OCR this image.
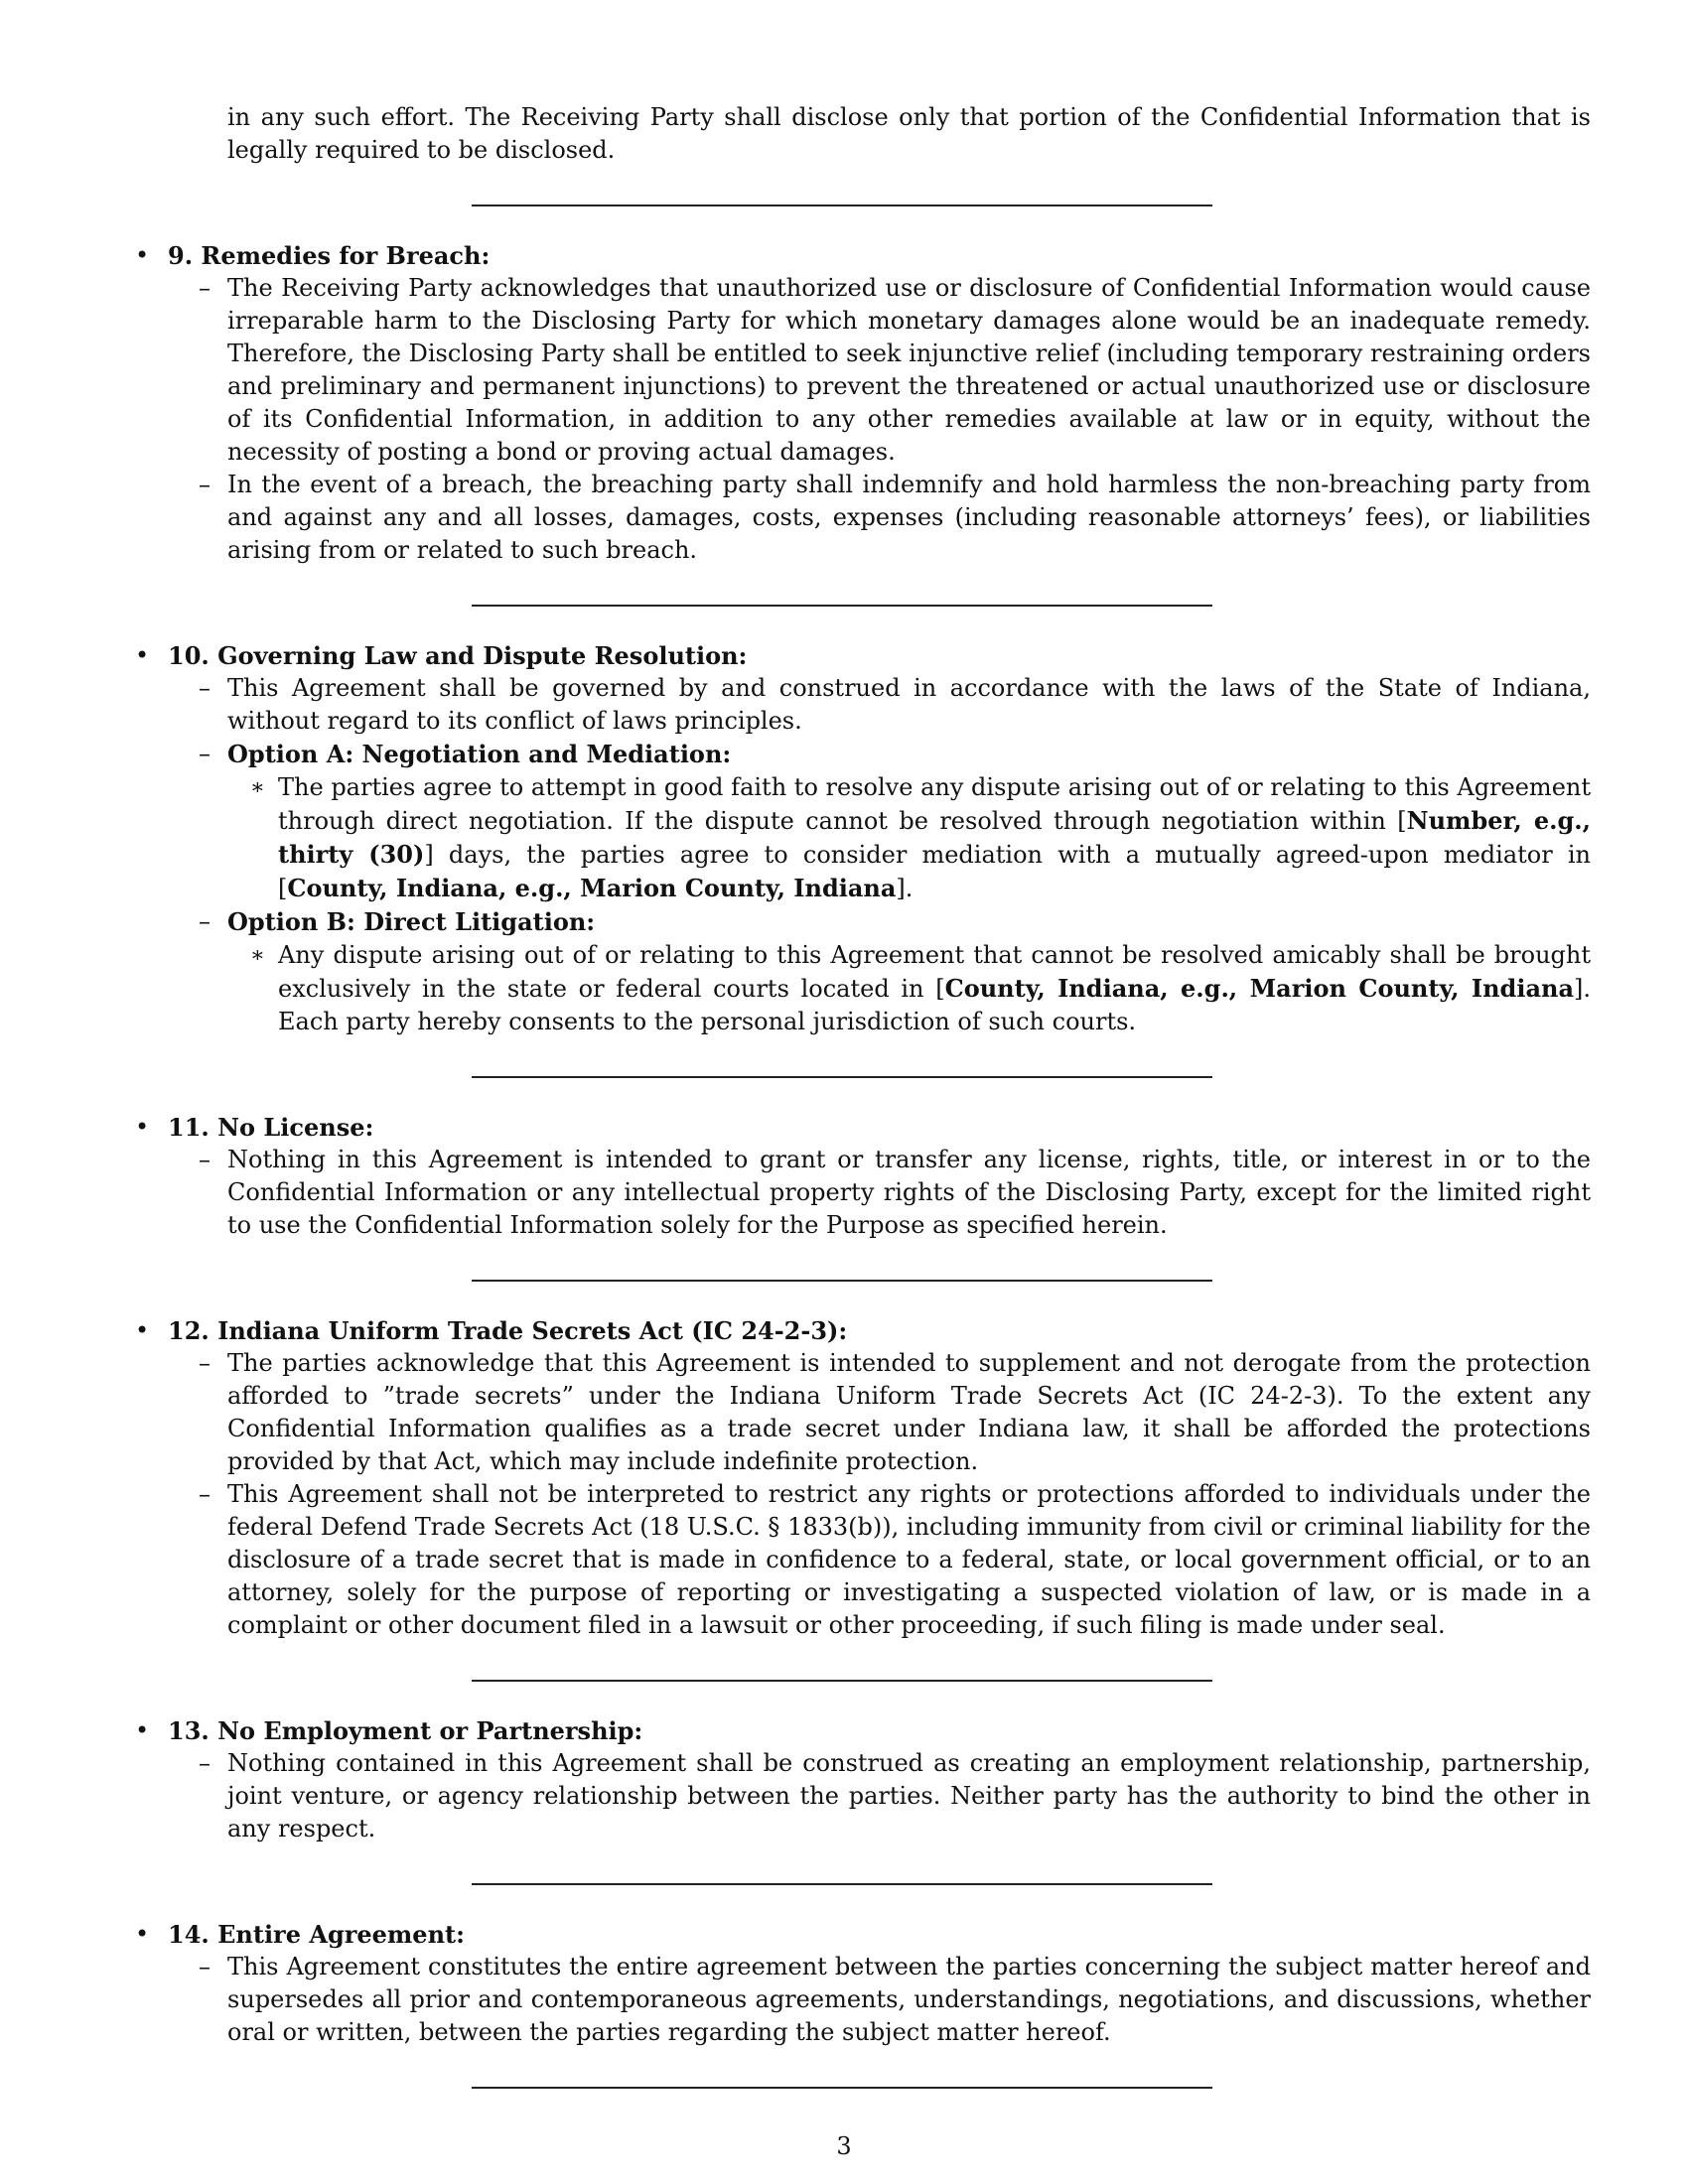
in any such effort. The Receiving Party shall disclose only that portion of the Confidential Information that is legally required to be disclosed.

• 9. Remedies for Breach:

– The Receiving Party acknowledges that unauthorized use or disclosure of Confidential Information would cause irreparable harm to the Disclosing Party for which monetary damages alone would be an inadequate remedy. Therefore, the Disclosing Party shall be entitled to seek injunctive relief (including temporary restraining orders and preliminary and permanent injunctions) to prevent the threatened or actual unauthorized use or disclosure of its Confidential Information, in addition to any other remedies available at law or in equity, without the necessity of posting a bond or proving actual damages.
– In the event of a breach, the breaching party shall indemnify and hold harmless the non-breaching party from and against any and all losses, damages, costs, expenses (including reasonable attorneys’ fees), or liabilities arising from or related to such breach.
• 10. Governing Law and Dispute Resolution:

– This Agreement shall be governed by and construed in accordance with the laws of the State of Indiana, without regard to its conflict of laws principles.
– Option A: Negotiation and Mediation:
∗ The parties agree to attempt in good faith to resolve any dispute arising out of or relating to this Agreement through direct negotiation. If the dispute cannot be resolved through negotiation within [Number, e.g., thirty (30)] days, the parties agree to consider mediation with a mutually agreed-upon mediator in [County, Indiana, e.g., Marion County, Indiana].
– Option B: Direct Litigation:
∗ Any dispute arising out of or relating to this Agreement that cannot be resolved amicably shall be brought exclusively in the state or federal courts located in [County, Indiana, e.g., Marion County, Indiana]. Each party hereby consents to the personal jurisdiction of such courts.
• 11. No License:

– Nothing in this Agreement is intended to grant or transfer any license, rights, title, or interest in or to the Confidential Information or any intellectual property rights of the Disclosing Party, except for the limited right to use the Confidential Information solely for the Purpose as specified herein.
• 12. Indiana Uniform Trade Secrets Act (IC 24-2-3):

– The parties acknowledge that this Agreement is intended to supplement and not derogate from the protection afforded to ”trade secrets” under the Indiana Uniform Trade Secrets Act (IC 24-2-3). To the extent any Confidential Information qualifies as a trade secret under Indiana law, it shall be afforded the protections provided by that Act, which may include indefinite protection.
– This Agreement shall not be interpreted to restrict any rights or protections afforded to individuals under the federal Defend Trade Secrets Act (18 U.S.C. § 1833(b)), including immunity from civil or criminal liability for the disclosure of a trade secret that is made in confidence to a federal, state, or local government official, or to an attorney, solely for the purpose of reporting or investigating a suspected violation of law, or is made in a complaint or other document filed in a lawsuit or other proceeding, if such filing is made under seal.
• 13. No Employment or Partnership:

– Nothing contained in this Agreement shall be construed as creating an employment relationship, partnership, joint venture, or agency relationship between the parties. Neither party has the authority to bind the other in any respect.
• 14. Entire Agreement:

– This Agreement constitutes the entire agreement between the parties concerning the subject matter hereof and supersedes all prior and contemporaneous agreements, understandings, negotiations, and discussions, whether oral or written, between the parties regarding the subject matter hereof.
3
